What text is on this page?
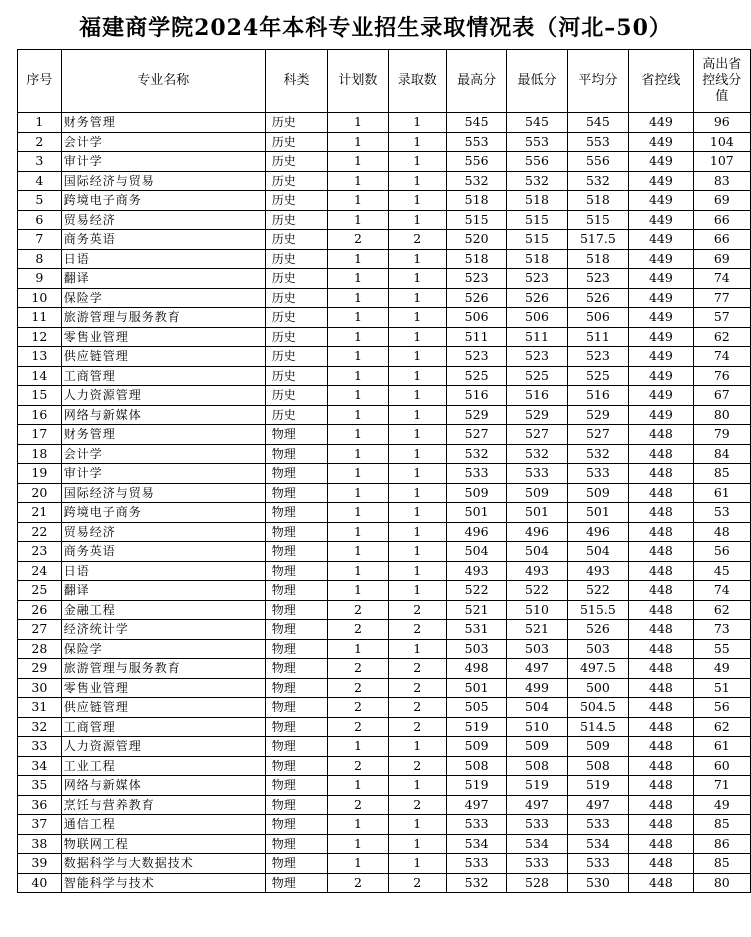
福建商学院2024年本科专业招生录取情况表（河北–50）
序号	专业名称	科类	计划数	录取数	最高分	最低分	平均分	省控线	高出省控线分值
1	财务管理	历史	1	1	545	545	545	449	96
2	会计学	历史	1	1	553	553	553	449	104
3	审计学	历史	1	1	556	556	556	449	107
4	国际经济与贸易	历史	1	1	532	532	532	449	83
5	跨境电子商务	历史	1	1	518	518	518	449	69
6	贸易经济	历史	1	1	515	515	515	449	66
7	商务英语	历史	2	2	520	515	517.5	449	66
8	日语	历史	1	1	518	518	518	449	69
9	翻译	历史	1	1	523	523	523	449	74
10	保险学	历史	1	1	526	526	526	449	77
11	旅游管理与服务教育	历史	1	1	506	506	506	449	57
12	零售业管理	历史	1	1	511	511	511	449	62
13	供应链管理	历史	1	1	523	523	523	449	74
14	工商管理	历史	1	1	525	525	525	449	76
15	人力资源管理	历史	1	1	516	516	516	449	67
16	网络与新媒体	历史	1	1	529	529	529	449	80
17	财务管理	物理	1	1	527	527	527	448	79
18	会计学	物理	1	1	532	532	532	448	84
19	审计学	物理	1	1	533	533	533	448	85
20	国际经济与贸易	物理	1	1	509	509	509	448	61
21	跨境电子商务	物理	1	1	501	501	501	448	53
22	贸易经济	物理	1	1	496	496	496	448	48
23	商务英语	物理	1	1	504	504	504	448	56
24	日语	物理	1	1	493	493	493	448	45
25	翻译	物理	1	1	522	522	522	448	74
26	金融工程	物理	2	2	521	510	515.5	448	62
27	经济统计学	物理	2	2	531	521	526	448	73
28	保险学	物理	1	1	503	503	503	448	55
29	旅游管理与服务教育	物理	2	2	498	497	497.5	448	49
30	零售业管理	物理	2	2	501	499	500	448	51
31	供应链管理	物理	2	2	505	504	504.5	448	56
32	工商管理	物理	2	2	519	510	514.5	448	62
33	人力资源管理	物理	1	1	509	509	509	448	61
34	工业工程	物理	2	2	508	508	508	448	60
35	网络与新媒体	物理	1	1	519	519	519	448	71
36	烹饪与营养教育	物理	2	2	497	497	497	448	49
37	通信工程	物理	1	1	533	533	533	448	85
38	物联网工程	物理	1	1	534	534	534	448	86
39	数据科学与大数据技术	物理	1	1	533	533	533	448	85
40	智能科学与技术	物理	2	2	532	528	530	448	80
